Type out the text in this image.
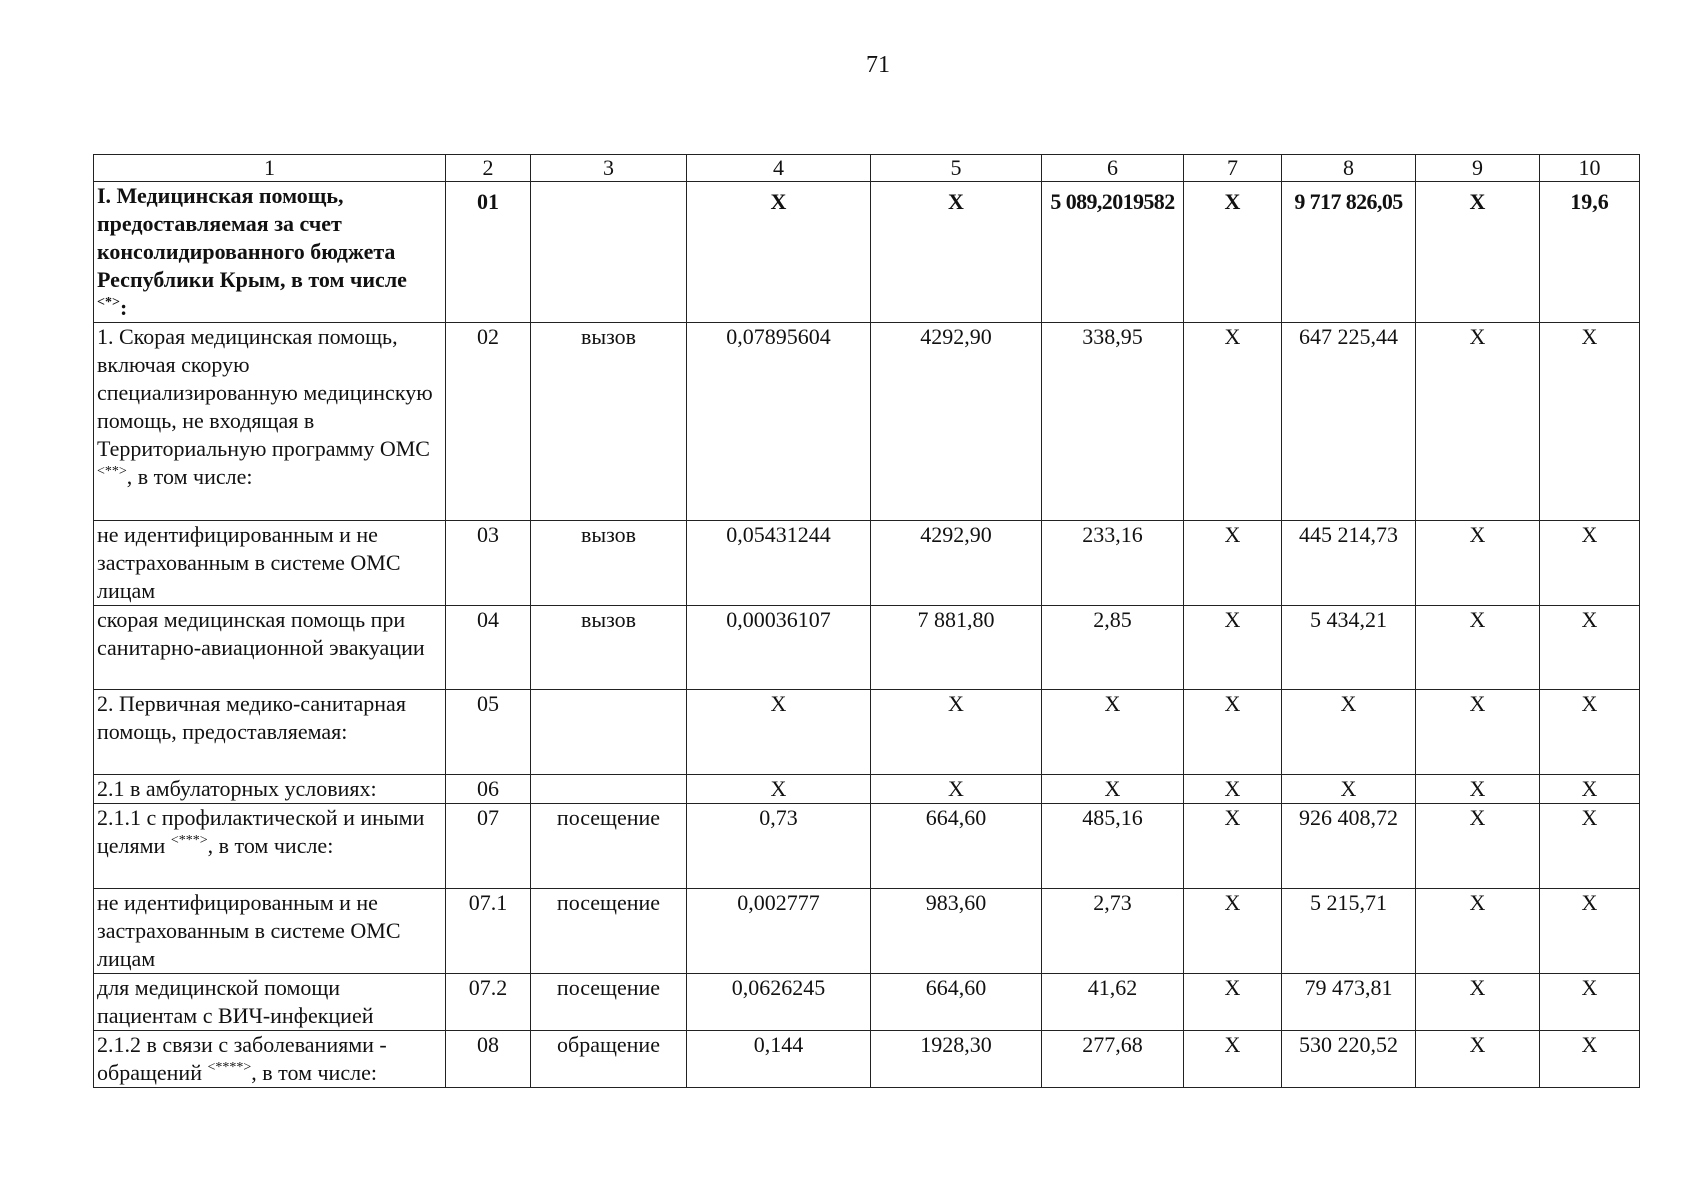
71
1	2	3	4	5	6	7	8	9	10
I. Медицинская помощь, предоставляемая за счет консолидированного бюджета Республики Крым, в том числе <*>:	01		Х	Х	5 089,2019582	Х	9 717 826,05	Х	19,6
1. Скорая медицинская помощь, включая скорую специализированную медицинскую помощь, не входящая в Территориальную программу ОМС <**>, в том числе:	02	вызов	0,07895604	4292,90	338,95	Х	647 225,44	Х	Х
не идентифицированным и не застрахованным в системе ОМС лицам	03	вызов	0,05431244	4292,90	233,16	Х	445 214,73	Х	Х
скорая медицинская помощь при санитарно-авиационной эвакуации	04	вызов	0,00036107	7 881,80	2,85	Х	5 434,21	Х	Х
2. Первичная медико-санитарная помощь, предоставляемая:	05		Х	Х	Х	Х	Х	Х	Х
2.1 в амбулаторных условиях:	06		Х	Х	Х	Х	Х	Х	Х
2.1.1 с профилактической и иными целями <***>, в том числе:	07	посещение	0,73	664,60	485,16	Х	926 408,72	Х	Х
не идентифицированным и не застрахованным в системе ОМС лицам	07.1	посещение	0,002777	983,60	2,73	Х	5 215,71	Х	Х
для медицинской помощи пациентам с ВИЧ-инфекцией	07.2	посещение	0,0626245	664,60	41,62	Х	79 473,81	Х	Х
2.1.2 в связи с заболеваниями - обращений <****>, в том числе:	08	обращение	0,144	1928,30	277,68	Х	530 220,52	Х	Х
